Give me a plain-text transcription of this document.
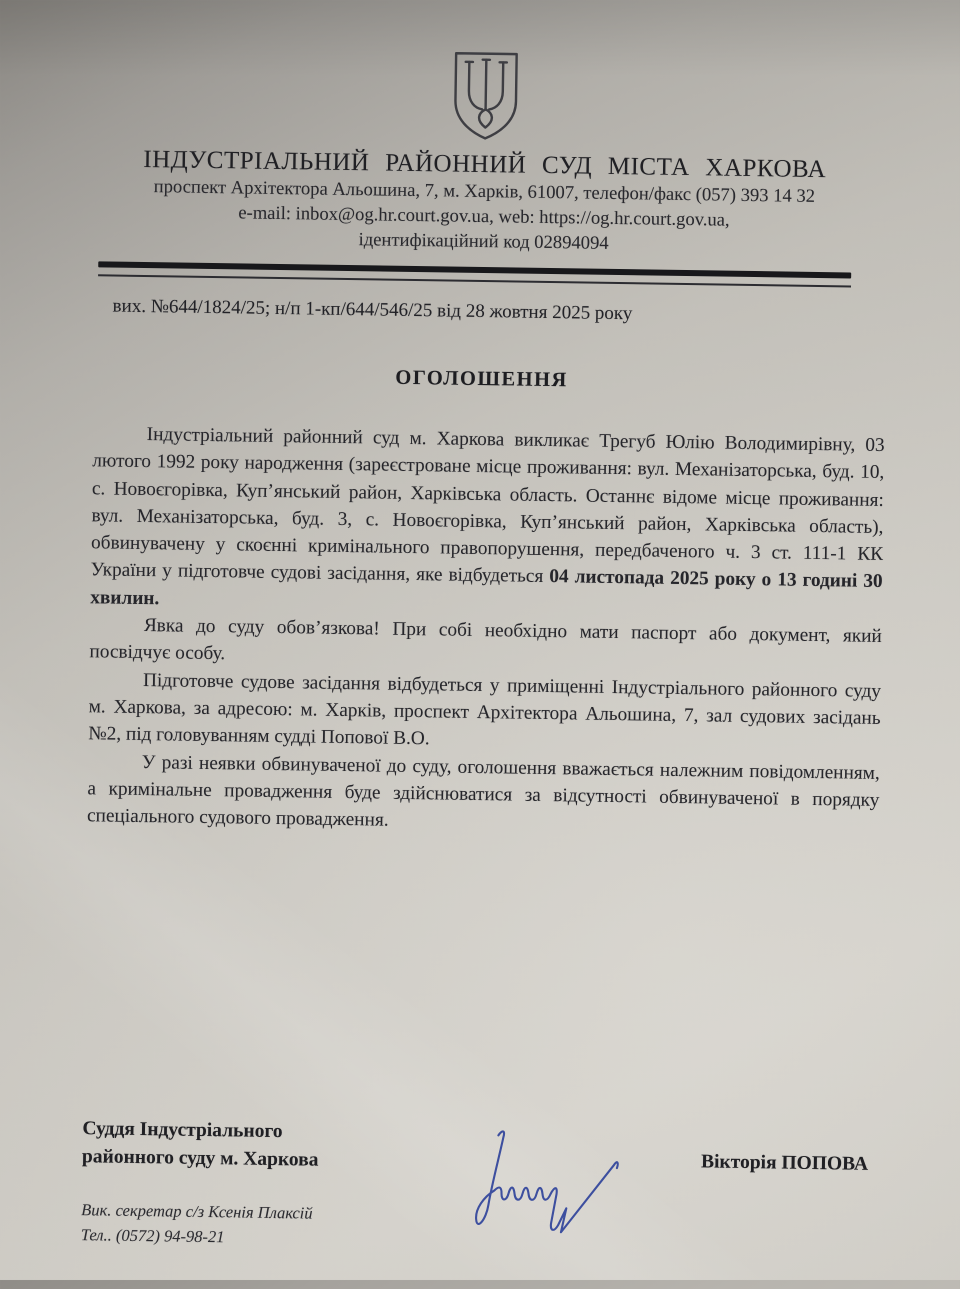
ІНДУСТРІАЛЬНИЙ РАЙОННИЙ СУД МІСТА ХАРКОВА
проспект Архітектора Альошина, 7, м. Харків, 61007, телефон/факс (057) 393 14 32
e-mail: inbox@og.hr.court.gov.ua, web: https://og.hr.court.gov.ua,
ідентифікаційний код 02894094
вих. №644/1824/25; н/п 1-кп/644/546/25 від 28 жовтня 2025 року
ОГОЛОШЕННЯ

Індустріальний районний суд м. Харкова викликає Трегуб Юлію Володимирівну, 03 лютого 1992 року народження (зареєстроване місце проживання: вул. Механізаторська, буд. 10, с. Новоєгорівка, Куп’янський район, Харківська область. Останнє відоме місце проживання: вул. Механізаторська, буд. 3, с. Новоєгорівка, Куп’янський район, Харківська область), обвинувачену у скоєнні кримінального правопорушення, передбаченого ч. 3 ст. 111-1 КК України у підготовче судові засідання, яке відбудеться 04 листопада 2025 року о 13 годині 30 хвилин.

Явка до суду обов’язкова! При собі необхідно мати паспорт або документ, який посвідчує особу.

Підготовче судове засідання відбудеться у приміщенні Індустріального районного суду м. Харкова, за адресою: м. Харків, проспект Архітектора Альошина, 7, зал судових засідань №2, під головуванням судді Попової В.О.

У разі неявки обвинуваченої до суду, оголошення вважається належним повідомленням, а кримінальне провадження буде здійснюватися за відсутності обвинуваченої в порядку спеціального судового провадження.

Суддя Індустріального
районного суду м. Харкова	Вікторія ПОПОВА
Вик. секретар с/з Ксенія Плаксій
Тел.. (0572) 94-98-21
